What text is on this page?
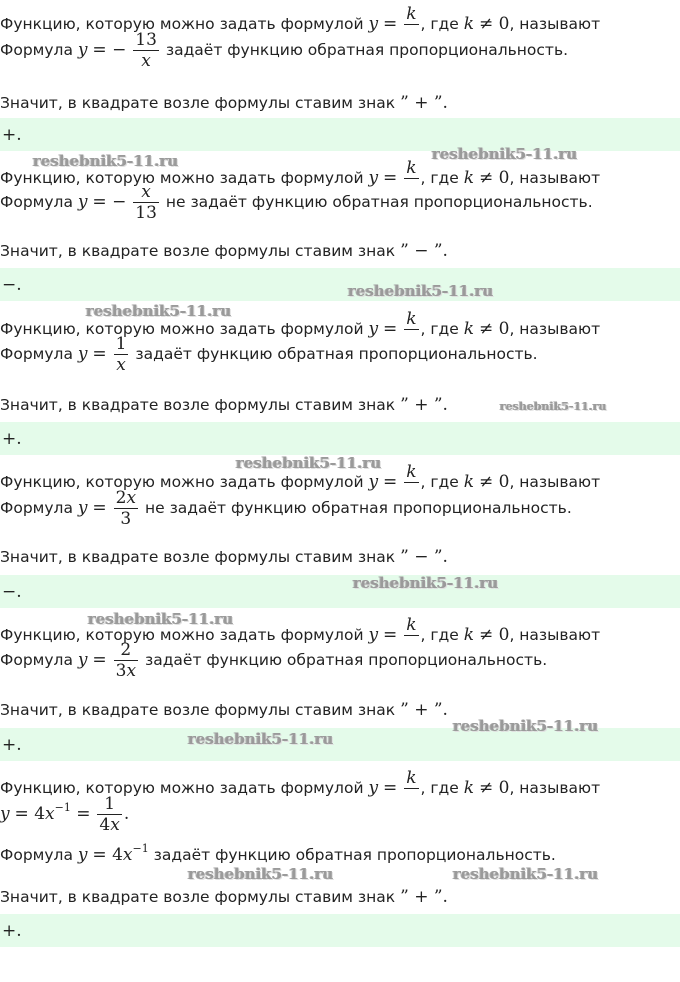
Функцию, которую можно задать формулой y = k
, где k ≠ 0, называют
Формула y = − $\frac{13}{x}$ задаёт функцию обратная пропорциональность.
Значит, в квадрате возле формулы ставим знак ” + ”.
+.
Функцию, которую можно задать формулой y = k
, где k ≠ 0, называют
Формула y = − $\frac{x}{13}$ не задаёт функцию обратная пропорциональность.
Значит, в квадрате возле формулы ставим знак ” − ”.
−.
Функцию, которую можно задать формулой y = k
, где k ≠ 0, называют
Формула $y = \frac{1}{x}$ задаёт функцию обратная пропорциональность.
Значит, в квадрате возле формулы ставим знак ” + ”.
+.
Функцию, которую можно задать формулой y = k
, где k ≠ 0, называют
Формула $y = \frac{2x}{3}$ не задаёт функцию обратная пропорциональность.
Значит, в квадрате возле формулы ставим знак ” − ”.
−.
Функцию, которую можно задать формулой y = k
, где k ≠ 0, называют
Формула $y = \frac{2}{3x}$ задаёт функцию обратная пропорциональность.
Значит, в квадрате возле формулы ставим знак ” + ”.
+.
Функцию, которую можно задать формулой y = k
, где k ≠ 0, называют
$y = 4x^{-1} = \frac{1}{4x}$ .
Формула $y = 4x^{-1}$ задаёт функцию обратная пропорциональность.
Значит, в квадрате возле формулы ставим знак ” + ”.
+.
reshebnik5-11.ru	reshebnik5-11.ru
reshebnik5-11.ru
reshebnik5-11.ru
reshebnik5-11.ru
reshebnik5-11.ru
reshebnik5-11.ru
reshebnik5-11.ru
reshebnik5-11.ru
reshebnik5-11.ru
reshebnik5-11.ru	reshebnik5-11.ru
